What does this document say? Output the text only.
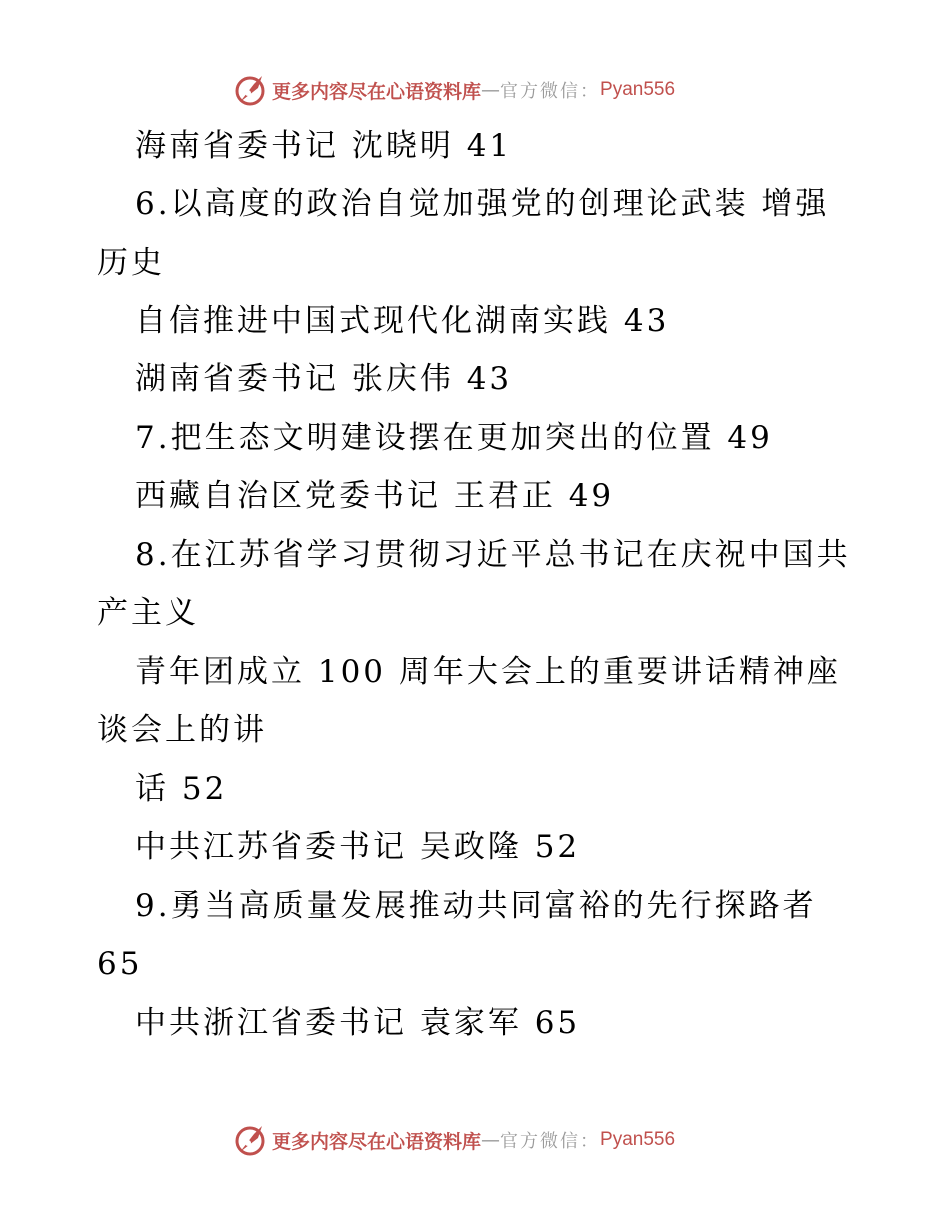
更多内容尽在心语资料库 — 官方微信： Pyan556
海南省委书记 沈晓明 41
6.以高度的政治自觉加强党的创理论武装 增强
历史
自信推进中国式现代化湖南实践 43
湖南省委书记 张庆伟 43
7.把生态文明建设摆在更加突出的位置 49
西藏自治区党委书记 王君正 49
8.在江苏省学习贯彻习近平总书记在庆祝中国共
产主义
青年团成立 100 周年大会上的重要讲话精神座
谈会上的讲
话 52
中共江苏省委书记 吴政隆 52
9.勇当高质量发展推动共同富裕的先行探路者
65
中共浙江省委书记 袁家军 65
更多内容尽在心语资料库 — 官方微信： Pyan556
